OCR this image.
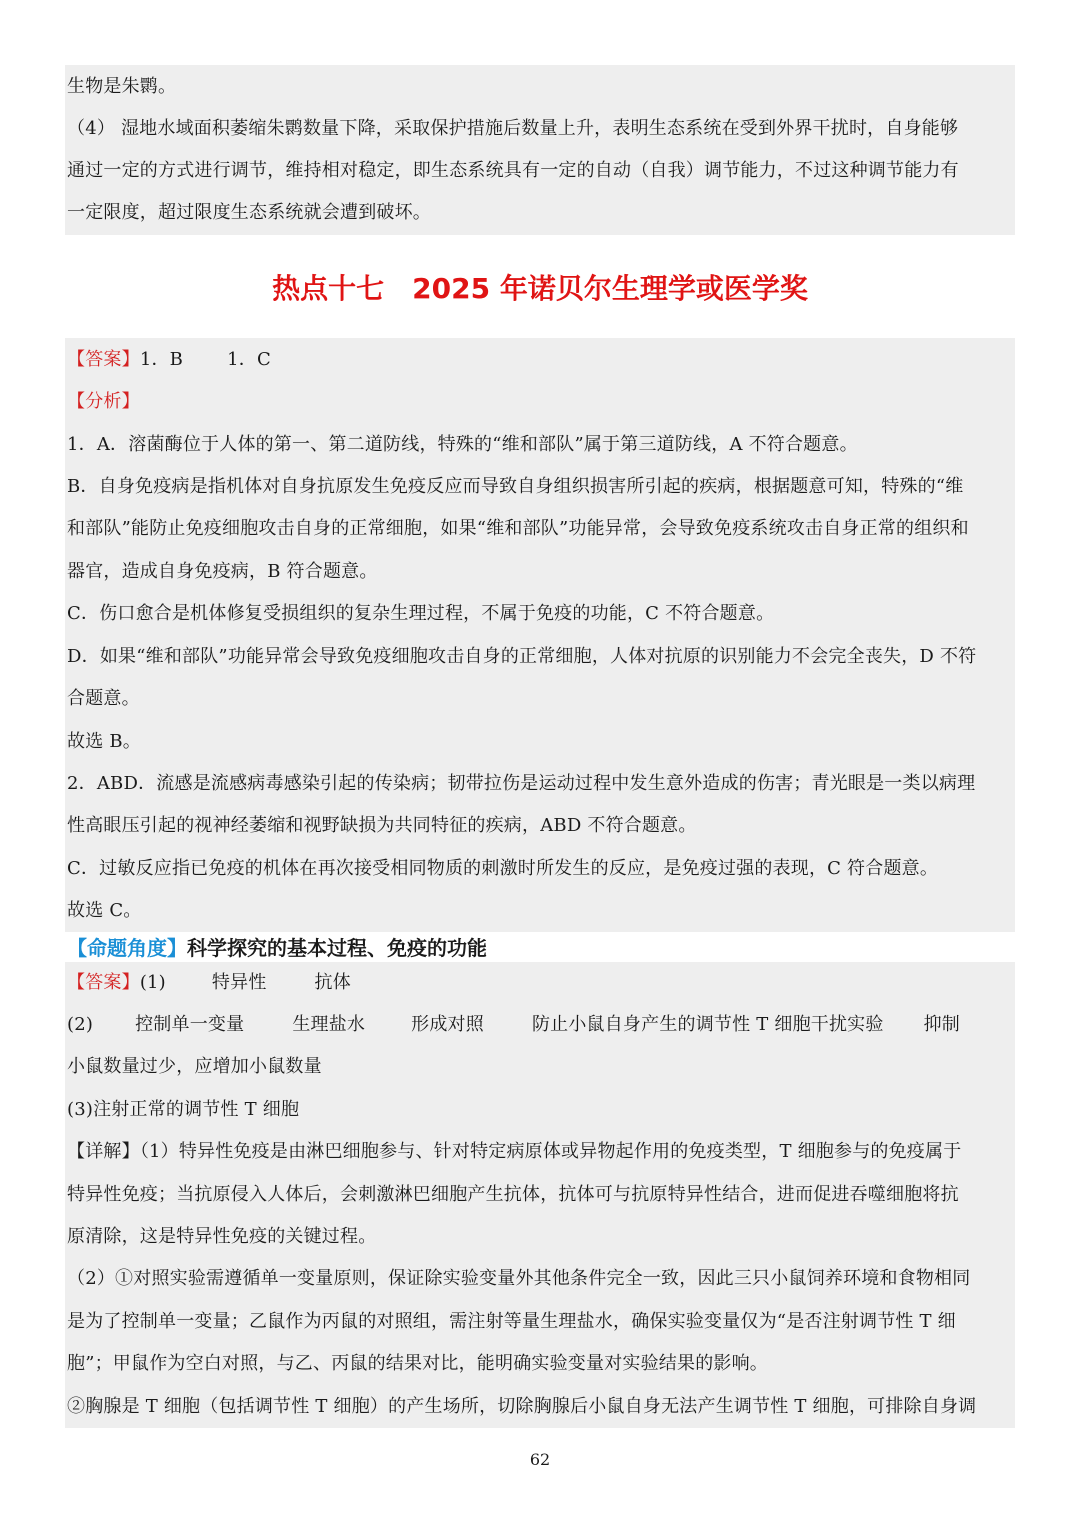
生物是朱鹮。
（4） 湿地水域面积萎缩朱鹮数量下降，采取保护措施后数量上升，表明生态系统在受到外界干扰时，自身能够
通过一定的方式进行调节，维持相对稳定，即生态系统具有一定的自动（自我）调节能力，不过这种调节能力有
一定限度，超过限度生态系统就会遭到破坏。
热点十七　2025 年诺贝尔生理学或医学奖
【答案】1．B 1．C
【分析】
1．A．溶菌酶位于人体的第一、第二道防线，特殊的“维和部队”属于第三道防线，A 不符合题意。
B．自身免疫病是指机体对自身抗原发生免疫反应而导致自身组织损害所引起的疾病，根据题意可知，特殊的“维
和部队”能防止免疫细胞攻击自身的正常细胞，如果“维和部队”功能异常，会导致免疫系统攻击自身正常的组织和
器官，造成自身免疫病，B 符合题意。
C．伤口愈合是机体修复受损组织的复杂生理过程，不属于免疫的功能，C 不符合题意。
D．如果“维和部队”功能异常会导致免疫细胞攻击自身的正常细胞，人体对抗原的识别能力不会完全丧失，D 不符
合题意。
故选 B。
2．ABD．流感是流感病毒感染引起的传染病；韧带拉伤是运动过程中发生意外造成的伤害；青光眼是一类以病理
性高眼压引起的视神经萎缩和视野缺损为共同特征的疾病，ABD 不符合题意。
C．过敏反应指已免疫的机体在再次接受相同物质的刺激时所发生的反应，是免疫过强的表现，C 符合题意。
故选 C。
【命题角度】科学探究的基本过程、免疫的功能
【答案】(1)	特异性	抗体
(2) 控制单一变量	生理盐水	形成对照	防止小鼠自身产生的调节性 T 细胞干扰实验 抑制
小鼠数量过少，应增加小鼠数量
(3)注射正常的调节性 T 细胞
【详解】（1）特异性免疫是由淋巴细胞参与、针对特定病原体或异物起作用的免疫类型，T 细胞参与的免疫属于
特异性免疫；当抗原侵入人体后，会刺激淋巴细胞产生抗体，抗体可与抗原特异性结合，进而促进吞噬细胞将抗
原清除，这是特异性免疫的关键过程。
（2）①对照实验需遵循单一变量原则，保证除实验变量外其他条件完全一致，因此三只小鼠饲养环境和食物相同
是为了控制单一变量；乙鼠作为丙鼠的对照组，需注射等量生理盐水，确保实验变量仅为“是否注射调节性 T 细
胞”；甲鼠作为空白对照，与乙、丙鼠的结果对比，能明确实验变量对实验结果的影响。
②胸腺是 T 细胞（包括调节性 T 细胞）的产生场所，切除胸腺后小鼠自身无法产生调节性 T 细胞，可排除自身调
62
